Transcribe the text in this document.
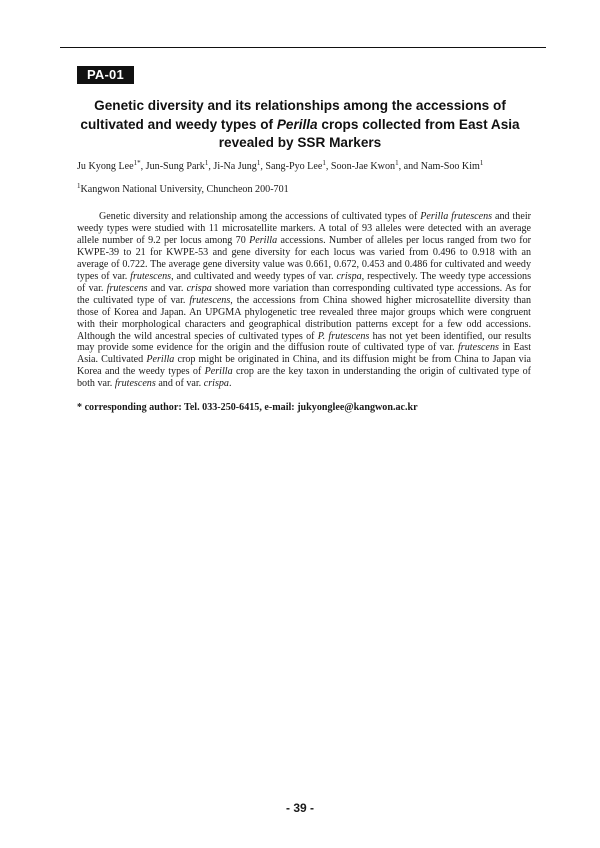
PA-01
Genetic diversity and its relationships among the accessions of cultivated and weedy types of Perilla crops collected from East Asia revealed by SSR Markers
Ju Kyong Lee$^{1*}$, Jun-Sung Park$^1$, Ji-Na Jung$^1$, Sang-Pyo Lee$^1$, Soon-Jae Kwon$^1$, and Nam-Soo Kim$^1$
$^1$Kangwon National University, Chuncheon 200-701

Genetic diversity and relationship among the accessions of cultivated types of Perilla frutescens and their weedy types were studied with 11 microsatellite markers. A total of 93 alleles were detected with an average allele number of 9.2 per locus among 70 Perilla accessions. Number of alleles per locus ranged from two for KWPE-39 to 21 for KWPE-53 and gene diversity for each locus was varied from 0.496 to 0.918 with an average of 0.722. The average gene diversity value was 0.661, 0.672, 0.453 and 0.486 for cultivated and weedy types of var. frutescens, and cultivated and weedy types of var. crispa, respectively. The weedy type accessions of var. frutescens and var. crispa showed more variation than corresponding cultivated type accessions. As for the cultivated type of var. frutescens, the accessions from China showed higher microsatellite diversity than those of Korea and Japan. An UPGMA phylogenetic tree revealed three major groups which were congruent with their morphological characters and geographical distribution patterns except for a few odd accessions. Although the wild ancestral species of cultivated types of P. frutescens has not yet been identified, our results may provide some evidence for the origin and the diffusion route of cultivated type of var. frutescens in East Asia. Cultivated Perilla crop might be originated in China, and its diffusion might be from China to Japan via Korea and the weedy types of Perilla crop are the key taxon in understanding the origin of cultivated type of both var. frutescens and of var. crispa.

* corresponding author: Tel. 033-250-6415, e-mail: jukyonglee@kangwon.ac.kr
- 39 -
